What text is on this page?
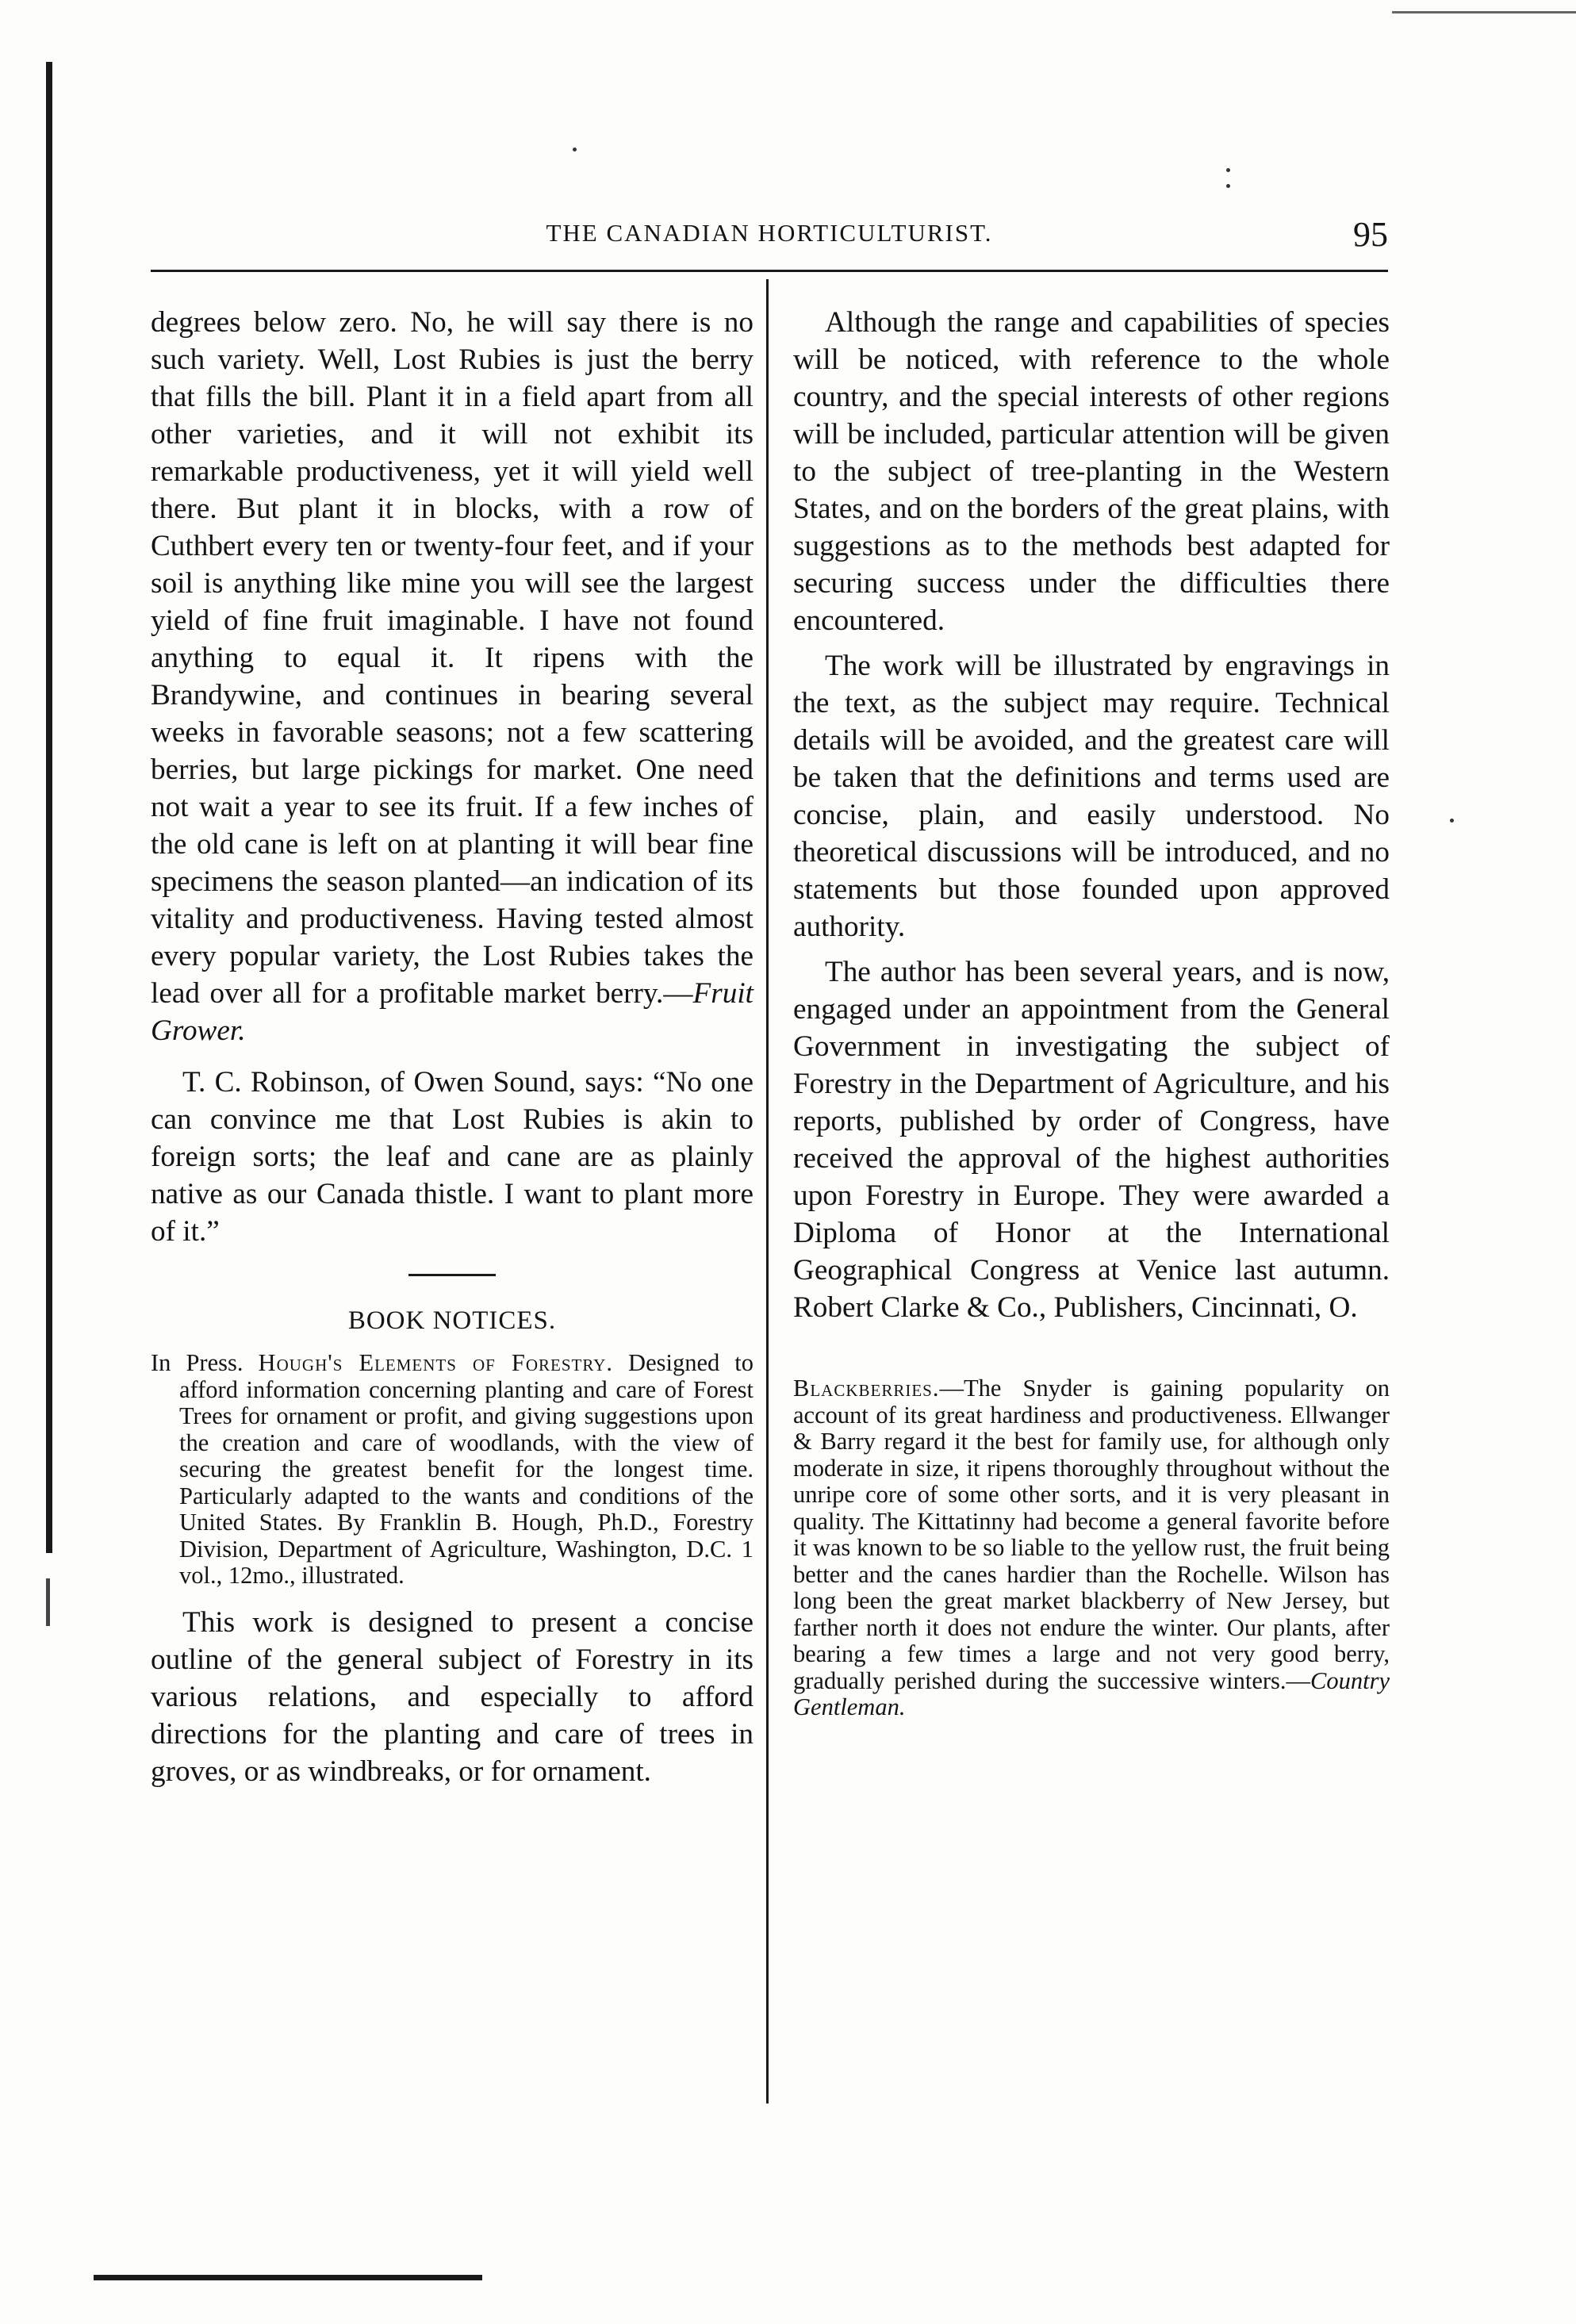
THE CANADIAN HORTICULTURIST.	95

degrees below zero. No, he will say there is no such variety. Well, Lost Rubies is just the berry that fills the bill. Plant it in a field apart from all other varieties, and it will not exhibit its remarkable productiveness, yet it will yield well there. But plant it in blocks, with a row of Cuthbert every ten or twenty-four feet, and if your soil is anything like mine you will see the largest yield of fine fruit imaginable. I have not found anything to equal it. It ripens with the Brandywine, and continues in bearing several weeks in favorable seasons; not a few scattering berries, but large pickings for market. One need not wait a year to see its fruit. If a few inches of the old cane is left on at planting it will bear fine specimens the season planted—an indication of its vitality and productiveness. Having tested almost every popular variety, the Lost Rubies takes the lead over all for a profitable market berry.—Fruit Grower.

T. C. Robinson, of Owen Sound, says: “No one can convince me that Lost Rubies is akin to foreign sorts; the leaf and cane are as plainly native as our Canada thistle. I want to plant more of it.”

BOOK NOTICES.

In Press. Hough's Elements of Forestry. Designed to afford information concerning planting and care of Forest Trees for ornament or profit, and giving suggestions upon the creation and care of woodlands, with the view of securing the greatest benefit for the longest time. Particularly adapted to the wants and conditions of the United States. By Franklin B. Hough, Ph.D., Forestry Division, Department of Agriculture, Washington, D.C. 1 vol., 12mo., illustrated.

This work is designed to present a concise outline of the general subject of Forestry in its various relations, and especially to afford directions for the planting and care of trees in groves, or as windbreaks, or for ornament.

Although the range and capabilities of species will be noticed, with reference to the whole country, and the special interests of other regions will be included, particular attention will be given to the subject of tree-planting in the Western States, and on the borders of the great plains, with suggestions as to the methods best adapted for securing success under the difficulties there encountered.

The work will be illustrated by engravings in the text, as the subject may require. Technical details will be avoided, and the greatest care will be taken that the definitions and terms used are concise, plain, and easily understood. No theoretical discussions will be introduced, and no statements but those founded upon approved authority.

The author has been several years, and is now, engaged under an appointment from the General Government in investigating the subject of Forestry in the Department of Agriculture, and his reports, published by order of Congress, have received the approval of the highest authorities upon Forestry in Europe. They were awarded a Diploma of Honor at the International Geographical Congress at Venice last autumn. Robert Clarke & Co., Publishers, Cincinnati, O.

Blackberries.—The Snyder is gaining popularity on account of its great hardiness and productiveness. Ellwanger & Barry regard it the best for family use, for although only moderate in size, it ripens thoroughly throughout without the unripe core of some other sorts, and it is very pleasant in quality. The Kittatinny had become a general favorite before it was known to be so liable to the yellow rust, the fruit being better and the canes hardier than the Rochelle. Wilson has long been the great market blackberry of New Jersey, but farther north it does not endure the winter. Our plants, after bearing a few times a large and not very good berry, gradually perished during the successive winters.—Country Gentleman.
